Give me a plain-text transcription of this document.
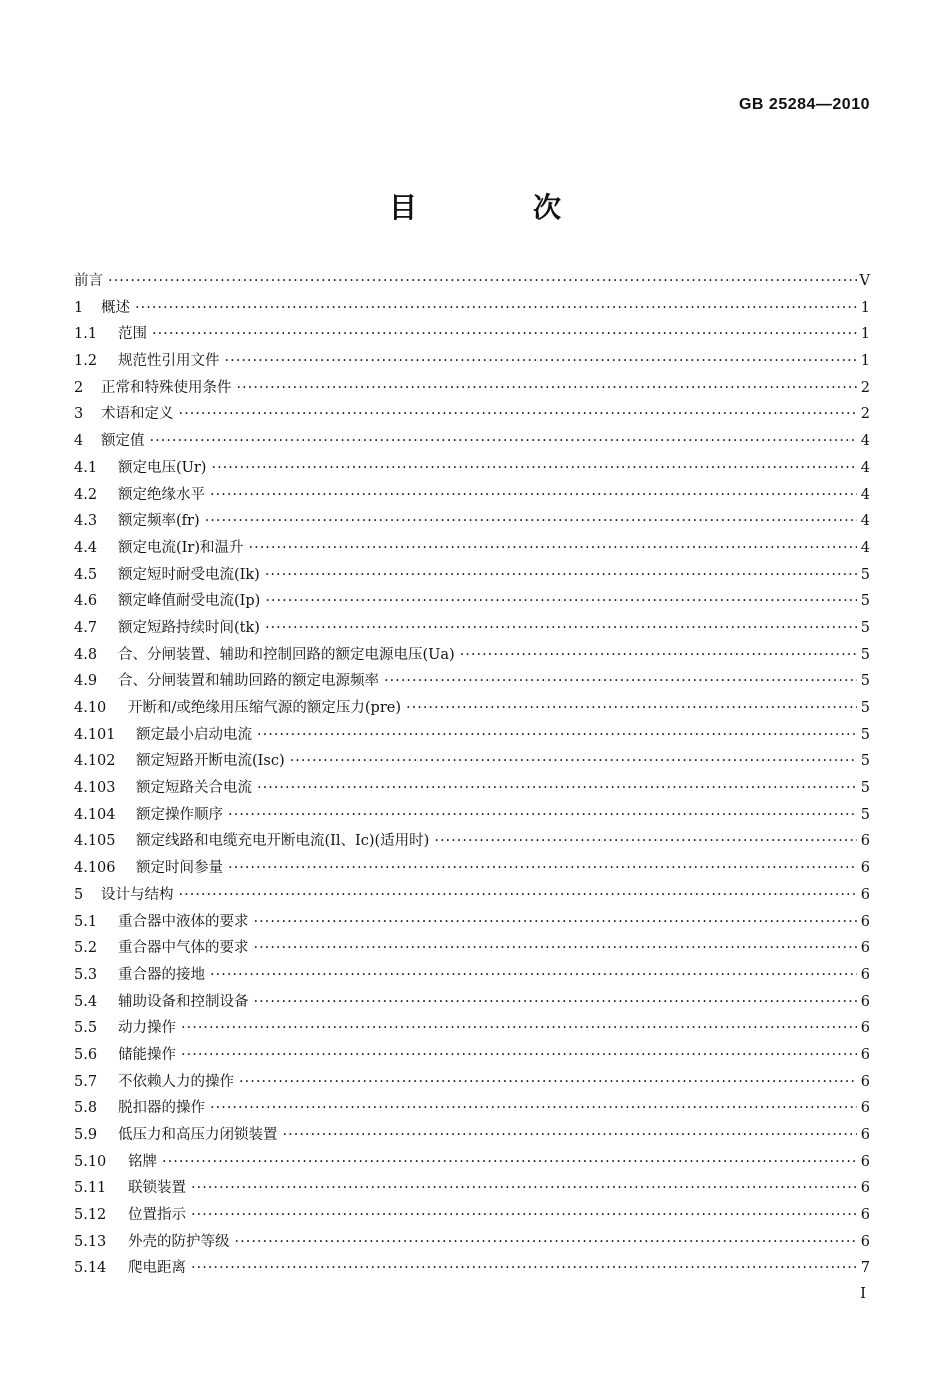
GB 25284—2010
目　次
前言 ·····	V
1	概述 ·····	1
1.1	范围 ·····	1
1.2	规范性引用文件 ·····	1
2	正常和特殊使用条件 ·····	2
3	术语和定义 ·····	2
4	额定值 ·····	4
4.1	额定电压(Ur) ·····	4
4.2	额定绝缘水平 ·····	4
4.3	额定频率(fr) ·····	4
4.4	额定电流(Ir)和温升 ·····	4
4.5	额定短时耐受电流(Ik) ·····	5
4.6	额定峰值耐受电流(Ip) ·····	5
4.7	额定短路持续时间(tk) ·····	5
4.8	合、分闸装置、辅助和控制回路的额定电源电压(Ua) ·····	5
4.9	合、分闸装置和辅助回路的额定电源频率 ·····	5
4.10	开断和/或绝缘用压缩气源的额定压力(pre) ·····	5
4.101	额定最小启动电流 ·····	5
4.102	额定短路开断电流(Isc) ·····	5
4.103	额定短路关合电流 ·····	5
4.104	额定操作顺序 ·····	5
4.105	额定线路和电缆充电开断电流(Il、Ic)(适用时) ·····	6
4.106	额定时间参量 ·····	6
5	设计与结构 ·····	6
5.1	重合器中液体的要求 ·····	6
5.2	重合器中气体的要求 ·····	6
5.3	重合器的接地 ·····	6
5.4	辅助设备和控制设备 ·····	6
5.5	动力操作 ·····	6
5.6	储能操作 ·····	6
5.7	不依赖人力的操作 ·····	6
5.8	脱扣器的操作 ·····	6
5.9	低压力和高压力闭锁装置 ·····	6
5.10	铭牌 ·····	6
5.11	联锁装置 ·····	6
5.12	位置指示 ·····	6
5.13	外壳的防护等级 ·····	6
5.14	爬电距离 ·····	7
I
